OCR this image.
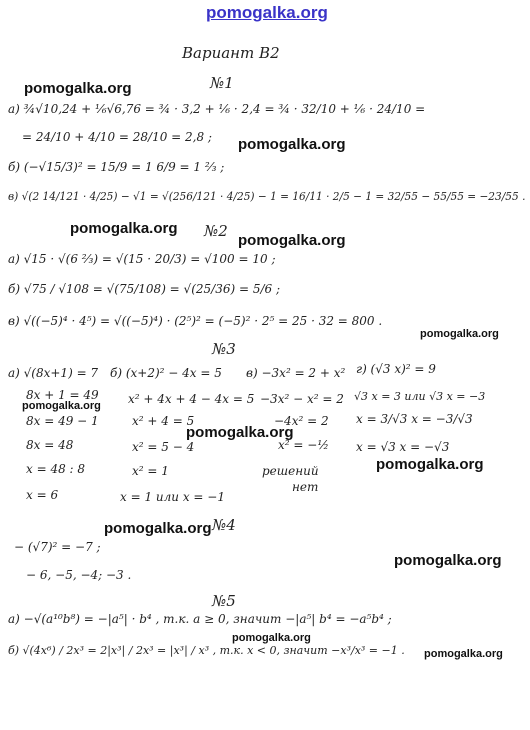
pomogalka.org
Вариант В2
№1
а) ¾√10,24 + ⅙√6,76 = ¾ · 3,2 + ⅙ · 2,4 = ¾ · 32/10 + ⅙ · 24/10 =
= 24/10 + 4/10 = 28/10 = 2,8 ;
б) (−√15/3)² = 15/9 = 1 6/9 = 1 ⅔ ;
в) √(2 14/121 · 4/25) − √1 = √(256/121 · 4/25) − 1 = 16/11 · 2/5 − 1 = 32/55 − 55/55 = −23/55 .
№2
а) √15 · √(6 ⅔) = √(15 · 20/3) = √100 = 10 ;
б) √75 / √108 = √(75/108) = √(25/36) = 5/6 ;
в) √((−5)⁴ · 4⁵) = √((−5)⁴) · (2⁵)² = (−5)² · 2⁵ = 25 · 32 = 800 .
№3
а) √(8x+1) = 7
8x + 1 = 49
8x = 49 − 1
8x = 48
x = 48 : 8
x = 6
б) (x+2)² − 4x = 5
x² + 4x + 4 − 4x = 5
x² + 4 = 5
x² = 5 − 4
x² = 1
x = 1 или x = −1
в) −3x² = 2 + x²
−3x² − x² = 2
−4x² = 2
x² = −½
решений
нет
г) (√3 x)² = 9
√3 x = 3 или √3 x = −3
x = 3/√3 x = −3/√3
x = √3 x = −√3
№4
− (√7)² = −7 ;
− 6, −5, −4; −3 .
№5
а) −√(a¹⁰b⁸) = −|a⁵| · b⁴ , т.к. a ≥ 0, значит −|a⁵| b⁴ = −a⁵b⁴ ;
б) √(4x⁶) / 2x³ = 2|x³| / 2x³ = |x³| / x³ , т.к. x < 0, значит −x³/x³ = −1 .
pomogalka.org
pomogalka.org
pomogalka.org
pomogalka.org
pomogalka.org
pomogalka.org
pomogalka.org
pomogalka.org
pomogalka.org
pomogalka.org
pomogalka.org
pomogalka.org
